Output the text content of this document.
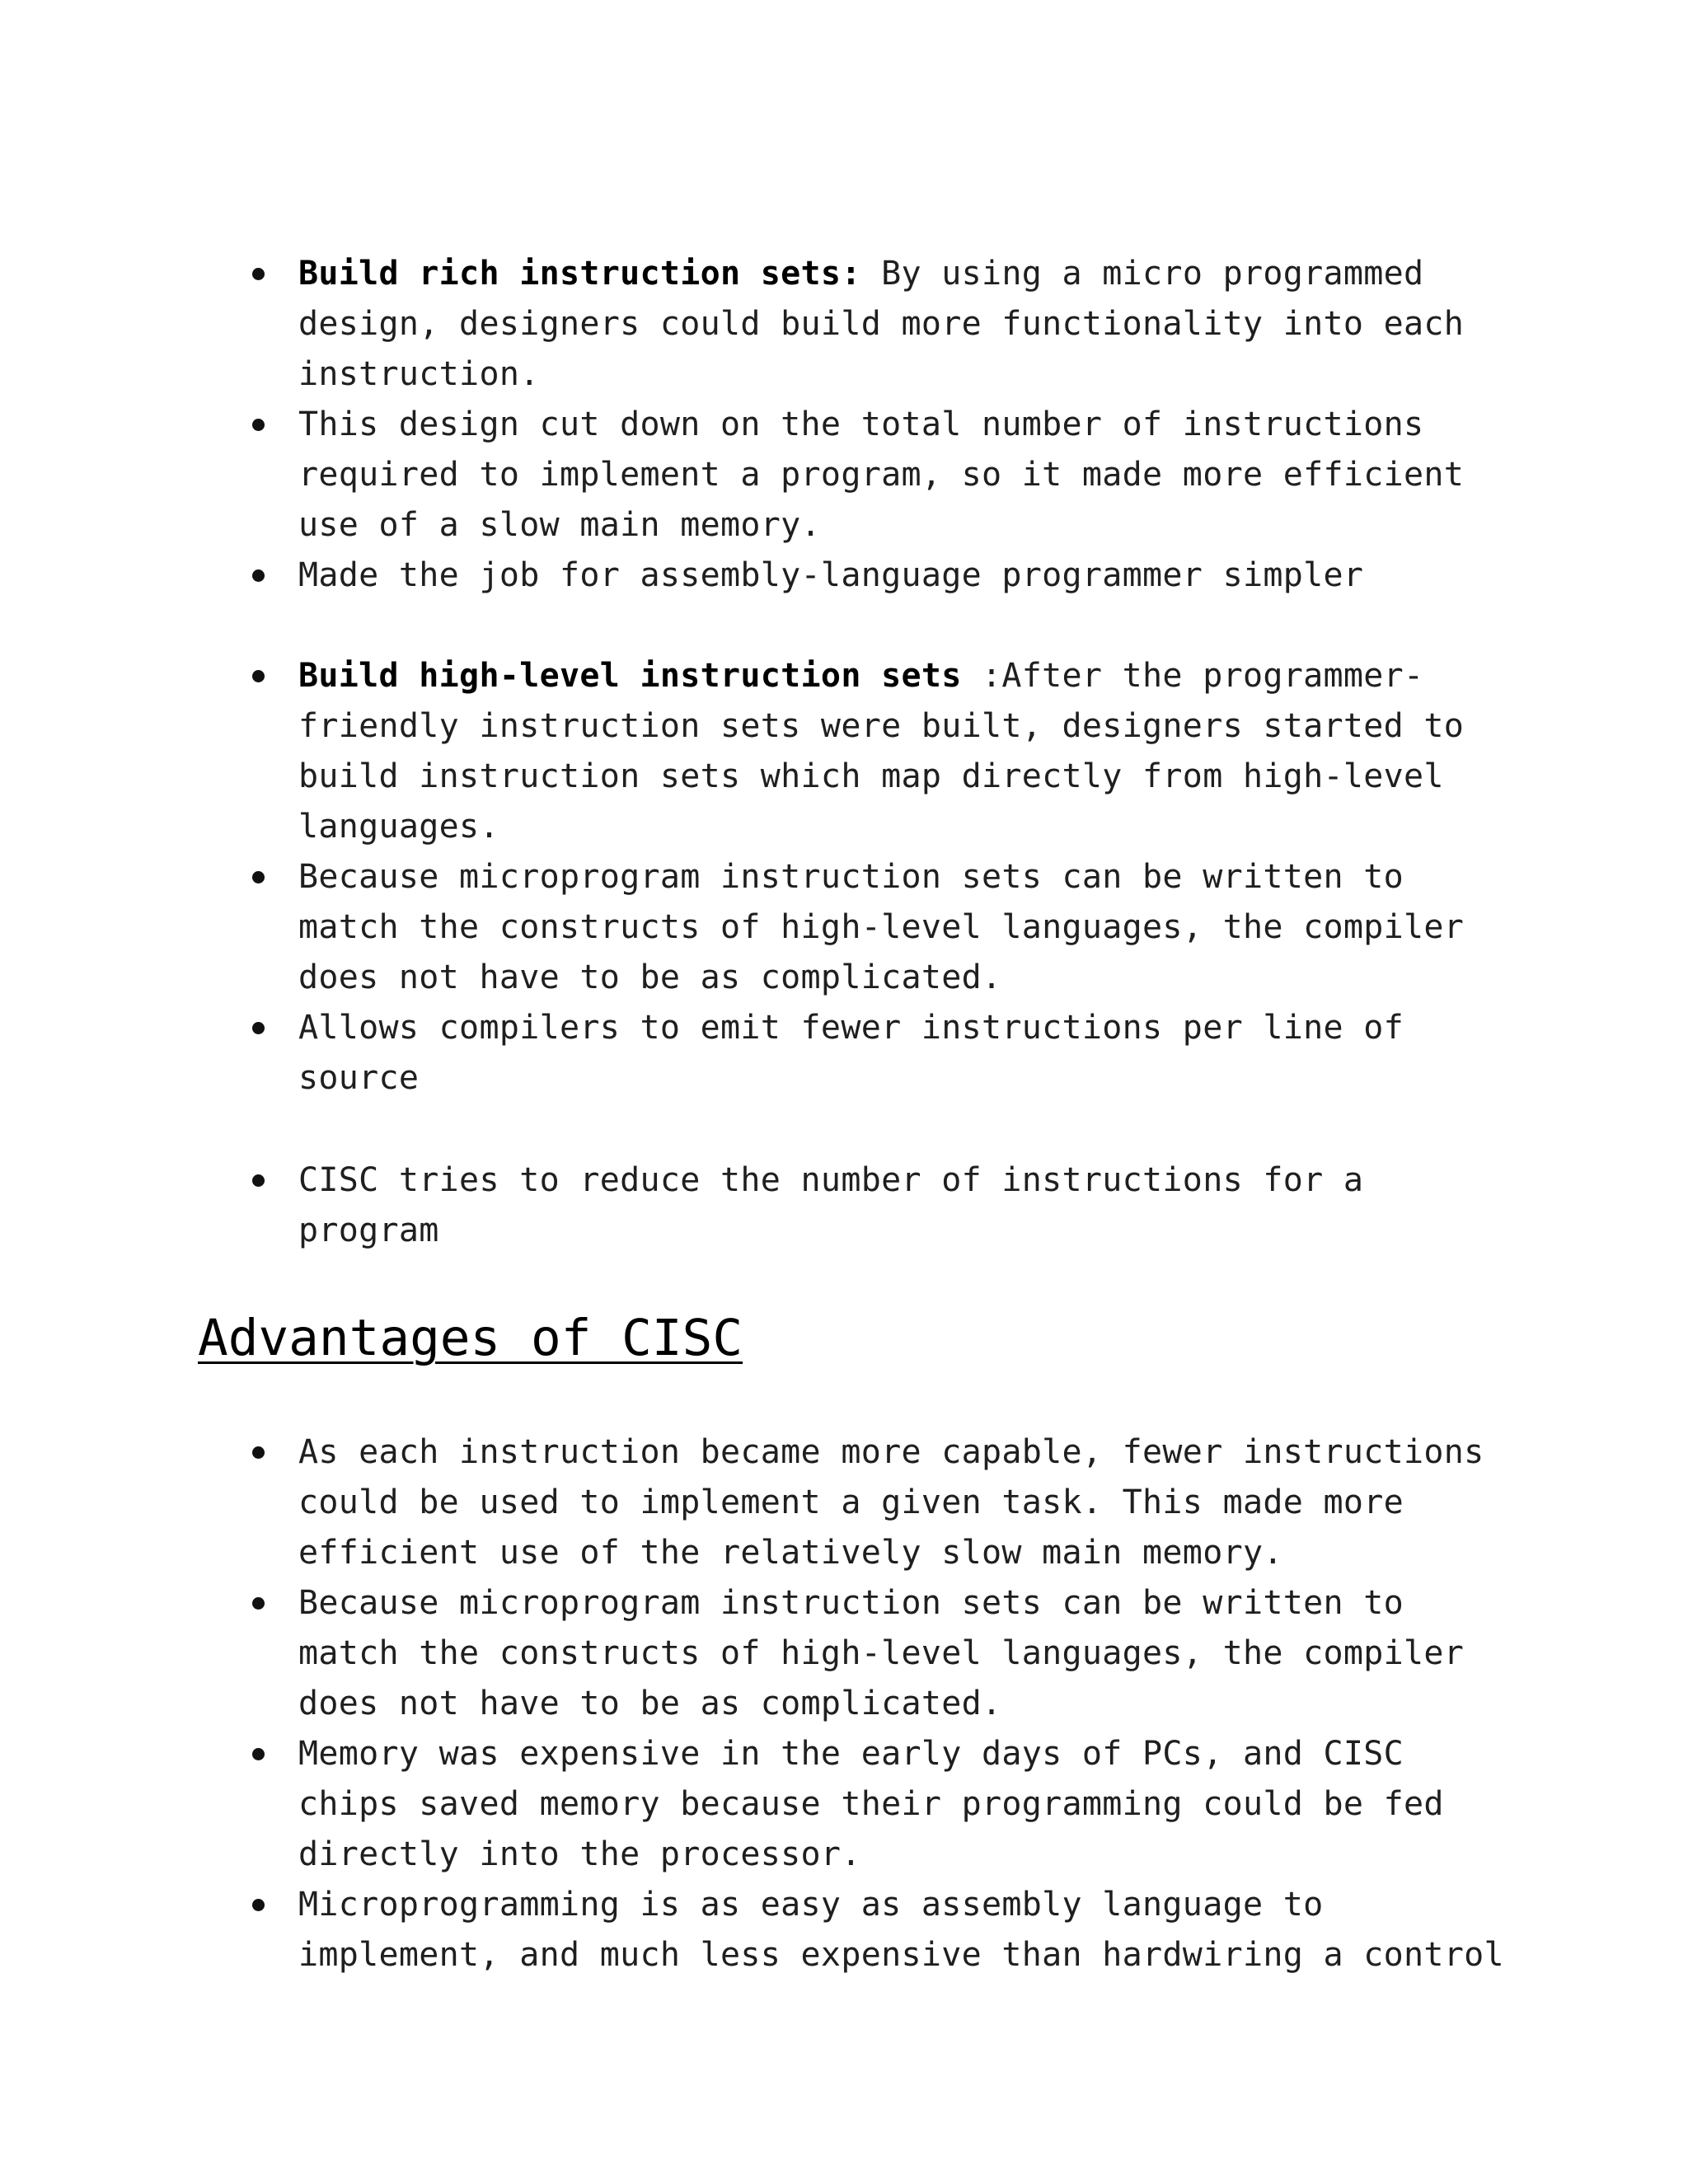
Build rich instruction sets: By using a micro programmed design, designers could build more functionality into each instruction.
This design cut down on the total number of instructions required to implement a program, so it made more efficient use of a slow main memory.
Made the job for assembly-language programmer simpler
Build high-level instruction sets :After the programmer-friendly instruction sets were built, designers started to build instruction sets which map directly from high-level languages.
Because microprogram instruction sets can be written to match the constructs of high-level languages, the compiler does not have to be as complicated.
Allows compilers to emit fewer instructions per line of source
CISC tries to reduce the number of instructions for a program
Advantages of CISC
As each instruction became more capable, fewer instructions could be used to implement a given task. This made more efficient use of the relatively slow main memory.
Because microprogram instruction sets can be written to match the constructs of high-level languages, the compiler does not have to be as complicated.
Memory was expensive in the early days of PCs, and CISC chips saved memory because their programming could be fed directly into the processor.
Microprogramming is as easy as assembly language to implement, and much less expensive than hardwiring a control
